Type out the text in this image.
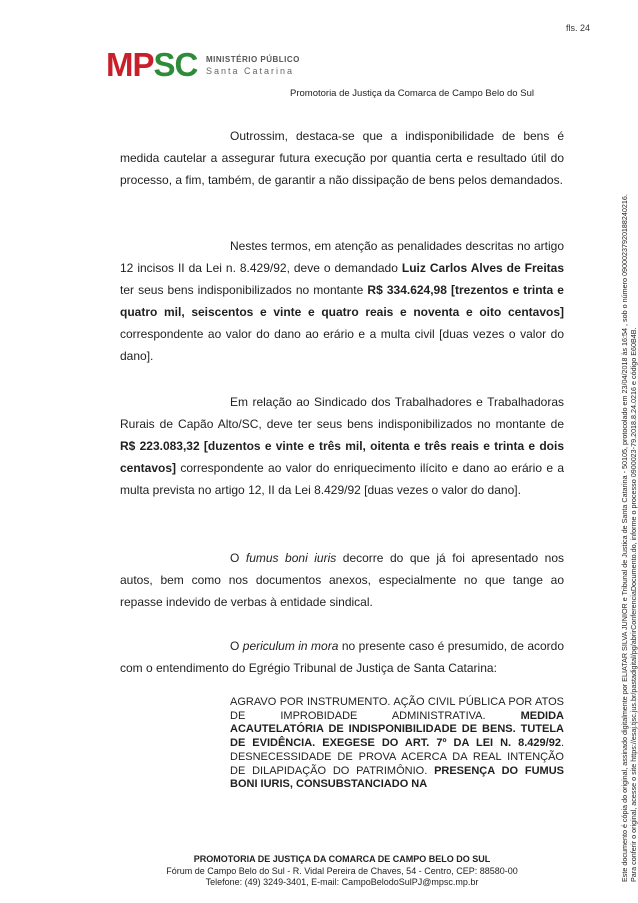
fls. 24
MPSC MINISTÉRIO PÚBLICO
Santa Catarina
Promotoria de Justiça da Comarca de Campo Belo do Sul

Outrossim, destaca-se que a indisponibilidade de bens é medida cautelar a assegurar futura execução por quantia certa e resultado útil do processo, a fim, também, de garantir a não dissipação de bens pelos demandados.

Nestes termos, em atenção as penalidades descritas no artigo 12 incisos II da Lei n. 8.429/92, deve o demandado Luiz Carlos Alves de Freitas ter seus bens indisponibilizados no montante R$ 334.624,98 [trezentos e trinta e quatro mil, seiscentos e vinte e quatro reais e noventa e oito centavos] correspondente ao valor do dano ao erário e a multa civil [duas vezes o valor do dano].

Em relação ao Sindicado dos Trabalhadores e Trabalhadoras Rurais de Capão Alto/SC, deve ter seus bens indisponibilizados no montante de R$ 223.083,32 [duzentos e vinte e três mil, oitenta e três reais e trinta e dois centavos] correspondente ao valor do enriquecimento ilícito e dano ao erário e a multa prevista no artigo 12, II da Lei 8.429/92 [duas vezes o valor do dano].

O fumus boni iuris decorre do que já foi apresentado nos autos, bem como nos documentos anexos, especialmente no que tange ao repasse indevido de verbas à entidade sindical.

O periculum in mora no presente caso é presumido, de acordo com o entendimento do Egrégio Tribunal de Justiça de Santa Catarina:

AGRAVO POR INSTRUMENTO. AÇÃO CIVIL PÚBLICA POR ATOS DE IMPROBIDADE ADMINISTRATIVA. MEDIDA ACAUTELATÓRIA DE INDISPONIBILIDADE DE BENS. TUTELA DE EVIDÊNCIA. EXEGESE DO ART. 7º DA LEI N. 8.429/92. DESNECESSIDADE DE PROVA ACERCA DA REAL INTENÇÃO DE DILAPIDAÇÃO DO PATRIMÔNIO. PRESENÇA DO FUMUS BONI IURIS, CONSUBSTANCIADO NA
PROMOTORIA DE JUSTIÇA DA COMARCA DE CAMPO BELO DO SUL
Fórum de Campo Belo do Sul - R. Vidal Pereira de Chaves, 54 - Centro, CEP: 88580-00
Telefone: (49) 3249-3401, E-mail: CampoBelodoSulPJ@mpsc.mp.br	Este documento é cópia do original, assinado digitalmente por ELIATAR SILVA JUNIOR e Tribunal de Justica de Santa Catarina - 50105, protocolado em 23/04/2018 às 16:54 , sob o número 09000237920188240216. Para conferir o original, acesse o site https://esaj.tjsc.jus.br/pastadigital/pg/abrirConferenciaDocumento.do, informe o processo 0900023-79.2018.8.24.0216 e código E60B4B.
